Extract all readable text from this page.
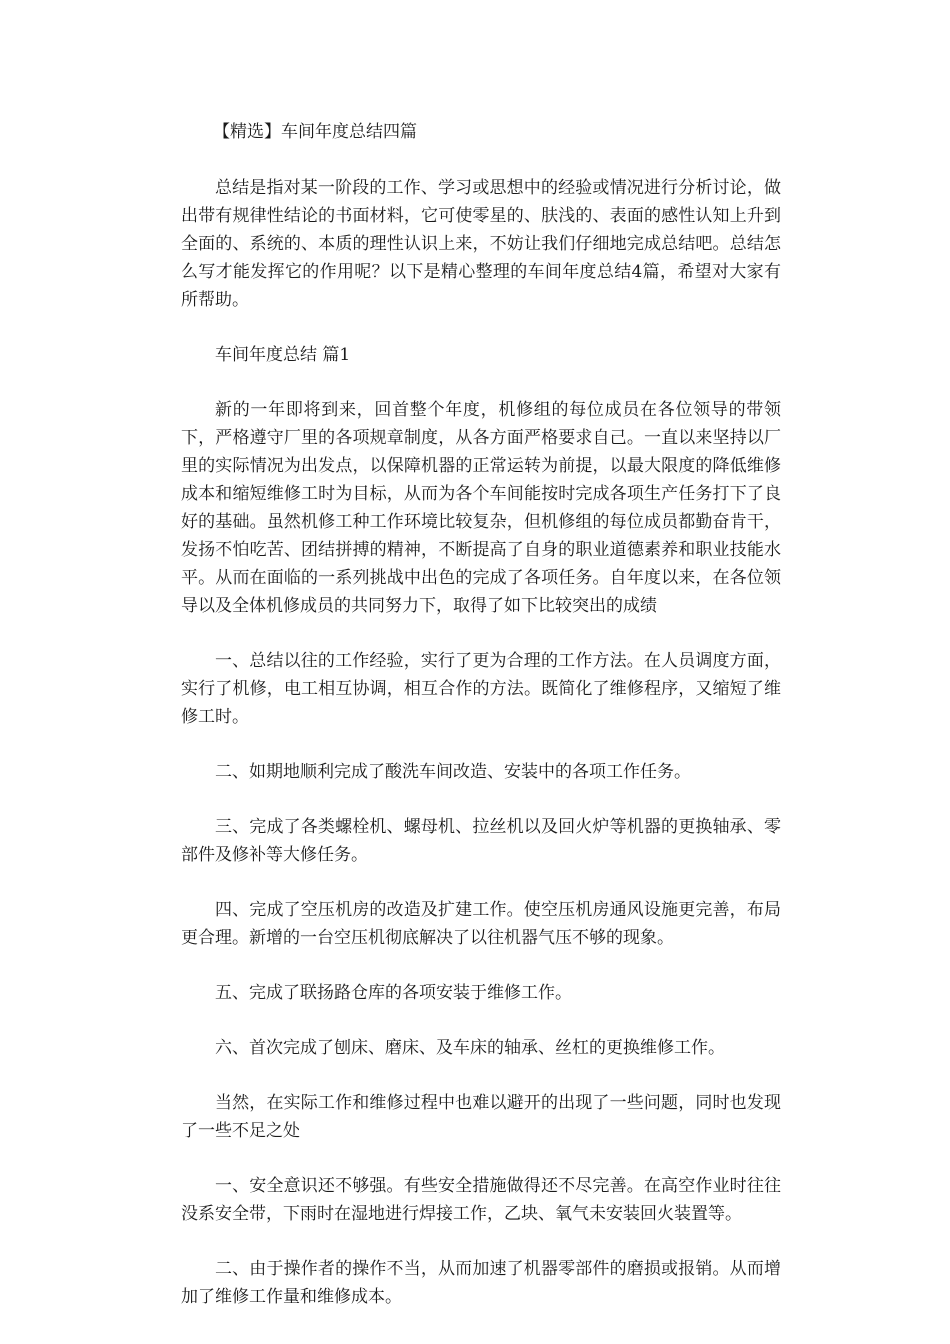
【精选】车间年度总结四篇

总结是指对某一阶段的工作、学习或思想中的经验或情况进行分析讨论，做出带有规律性结论的书面材料，它可使零星的、肤浅的、表面的感性认知上升到全面的、系统的、本质的理性认识上来，不妨让我们仔细地完成总结吧。总结怎么写才能发挥它的作用呢？以下是精心整理的车间年度总结4篇，希望对大家有所帮助。

车间年度总结 篇1

新的一年即将到来，回首整个年度，机修组的每位成员在各位领导的带领下，严格遵守厂里的各项规章制度，从各方面严格要求自己。一直以来坚持以厂里的实际情况为出发点，以保障机器的正常运转为前提，以最大限度的降低维修成本和缩短维修工时为目标，从而为各个车间能按时完成各项生产任务打下了良好的基础。虽然机修工种工作环境比较复杂，但机修组的每位成员都勤奋肯干，发扬不怕吃苦、团结拼搏的精神，不断提高了自身的职业道德素养和职业技能水平。从而在面临的一系列挑战中出色的完成了各项任务。自年度以来，在各位领导以及全体机修成员的共同努力下，取得了如下比较突出的成绩

一、总结以往的工作经验，实行了更为合理的工作方法。在人员调度方面，实行了机修，电工相互协调，相互合作的方法。既简化了维修程序，又缩短了维修工时。

二、如期地顺利完成了酸洗车间改造、安装中的各项工作任务。

三、完成了各类螺栓机、螺母机、拉丝机以及回火炉等机器的更换轴承、零部件及修补等大修任务。

四、完成了空压机房的改造及扩建工作。使空压机房通风设施更完善，布局更合理。新增的一台空压机彻底解决了以往机器气压不够的现象。

五、完成了联扬路仓库的各项安装于维修工作。

六、首次完成了刨床、磨床、及车床的轴承、丝杠的更换维修工作。

当然，在实际工作和维修过程中也难以避开的出现了一些问题，同时也发现了一些不足之处

一、安全意识还不够强。有些安全措施做得还不尽完善。在高空作业时往往没系安全带，下雨时在湿地进行焊接工作，乙块、氧气未安装回火装置等。

二、由于操作者的操作不当，从而加速了机器零部件的磨损或报销。从而增加了维修工作量和维修成本。
